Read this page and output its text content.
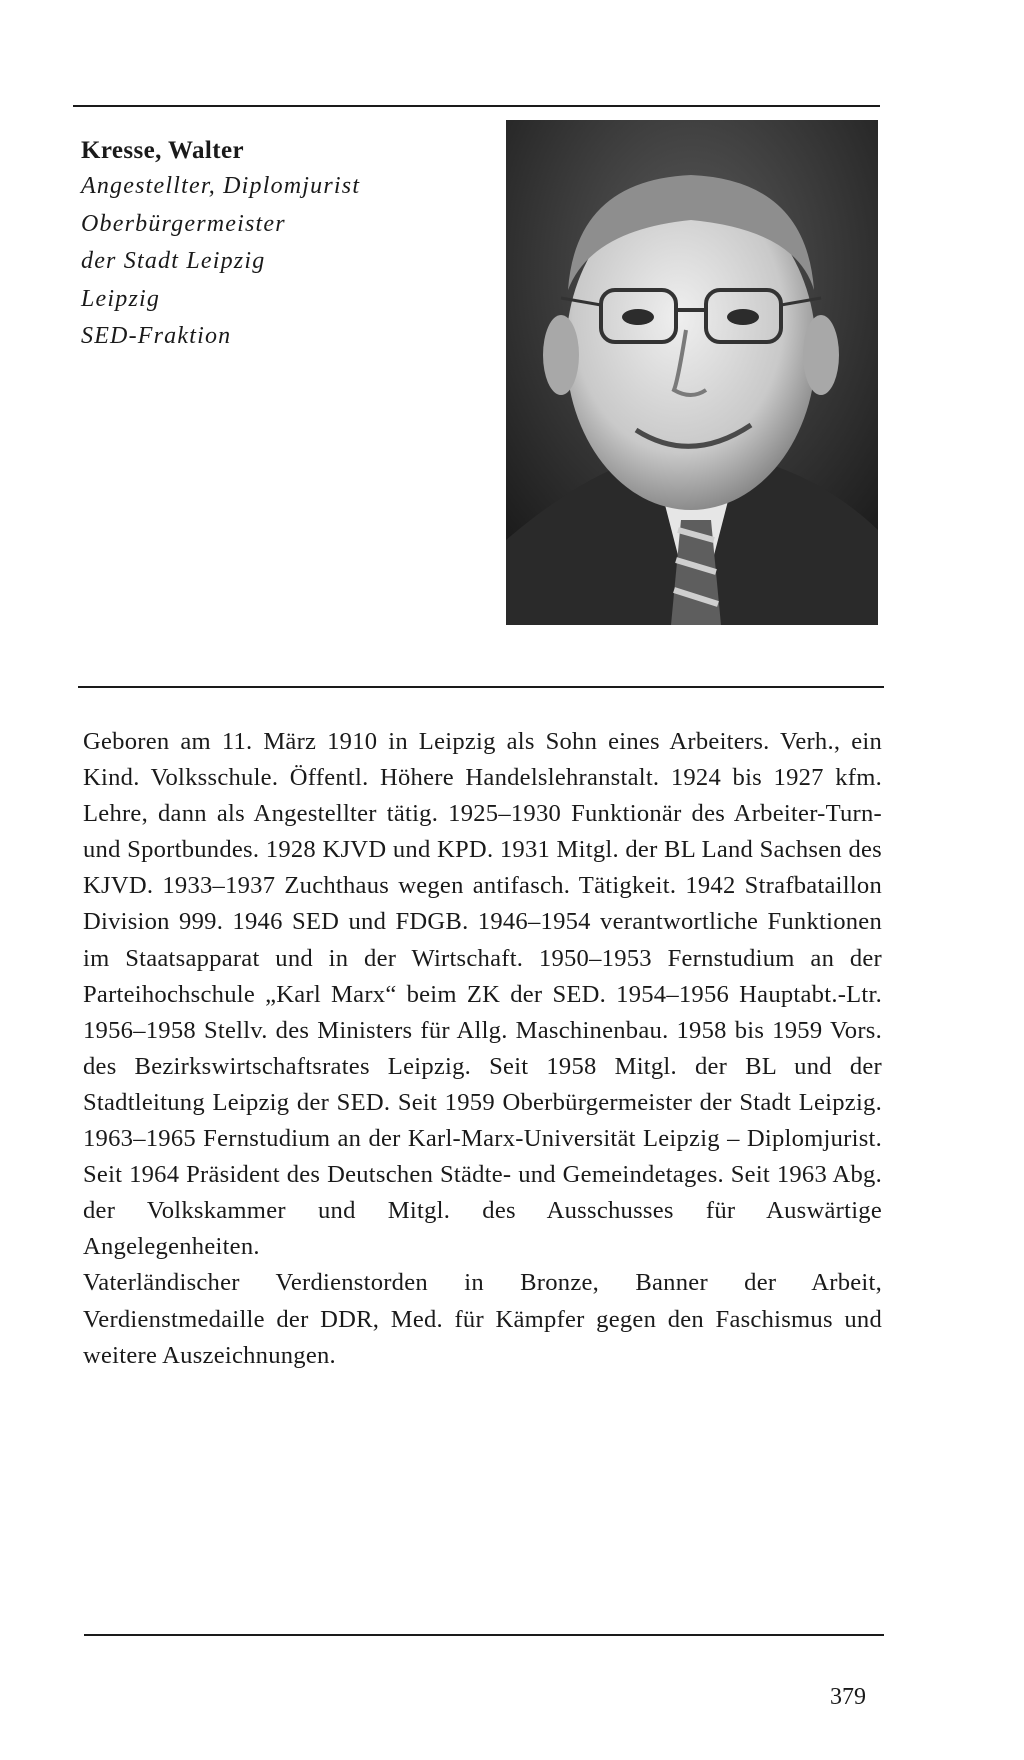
Kresse, Walter
Angestellter, Diplomjurist
Oberbürgermeister
der Stadt Leipzig
Leipzig
SED-Fraktion

Geboren am 11. März 1910 in Leipzig als Sohn eines Arbeiters. Verh., ein Kind. Volksschule. Öffentl. Höhere Handelslehranstalt. 1924 bis 1927 kfm. Lehre, dann als Angestellter tätig. 1925–1930 Funktionär des Arbeiter-Turn- und Sportbundes. 1928 KJVD und KPD. 1931 Mitgl. der BL Land Sachsen des KJVD. 1933–1937 Zuchthaus wegen antifasch. Tätigkeit. 1942 Strafbataillon Division 999. 1946 SED und FDGB. 1946–1954 verantwortliche Funktionen im Staatsapparat und in der Wirtschaft. 1950–1953 Fernstudium an der Parteihochschule „Karl Marx“ beim ZK der SED. 1954–1956 Hauptabt.-Ltr. 1956–1958 Stellv. des Ministers für Allg. Maschinenbau. 1958 bis 1959 Vors. des Bezirkswirtschaftsrates Leipzig. Seit 1958 Mitgl. der BL und der Stadtleitung Leipzig der SED. Seit 1959 Oberbürgermeister der Stadt Leipzig. 1963–1965 Fernstudium an der Karl-Marx-Universität Leipzig – Diplomjurist. Seit 1964 Präsident des Deutschen Städte- und Gemeindetages. Seit 1963 Abg. der Volkskammer und Mitgl. des Ausschusses für Auswärtige Angelegenheiten.

Vaterländischer Verdienstorden in Bronze, Banner der Arbeit, Verdienstmedaille der DDR, Med. für Kämpfer gegen den Faschismus und weitere Auszeichnungen.

379
